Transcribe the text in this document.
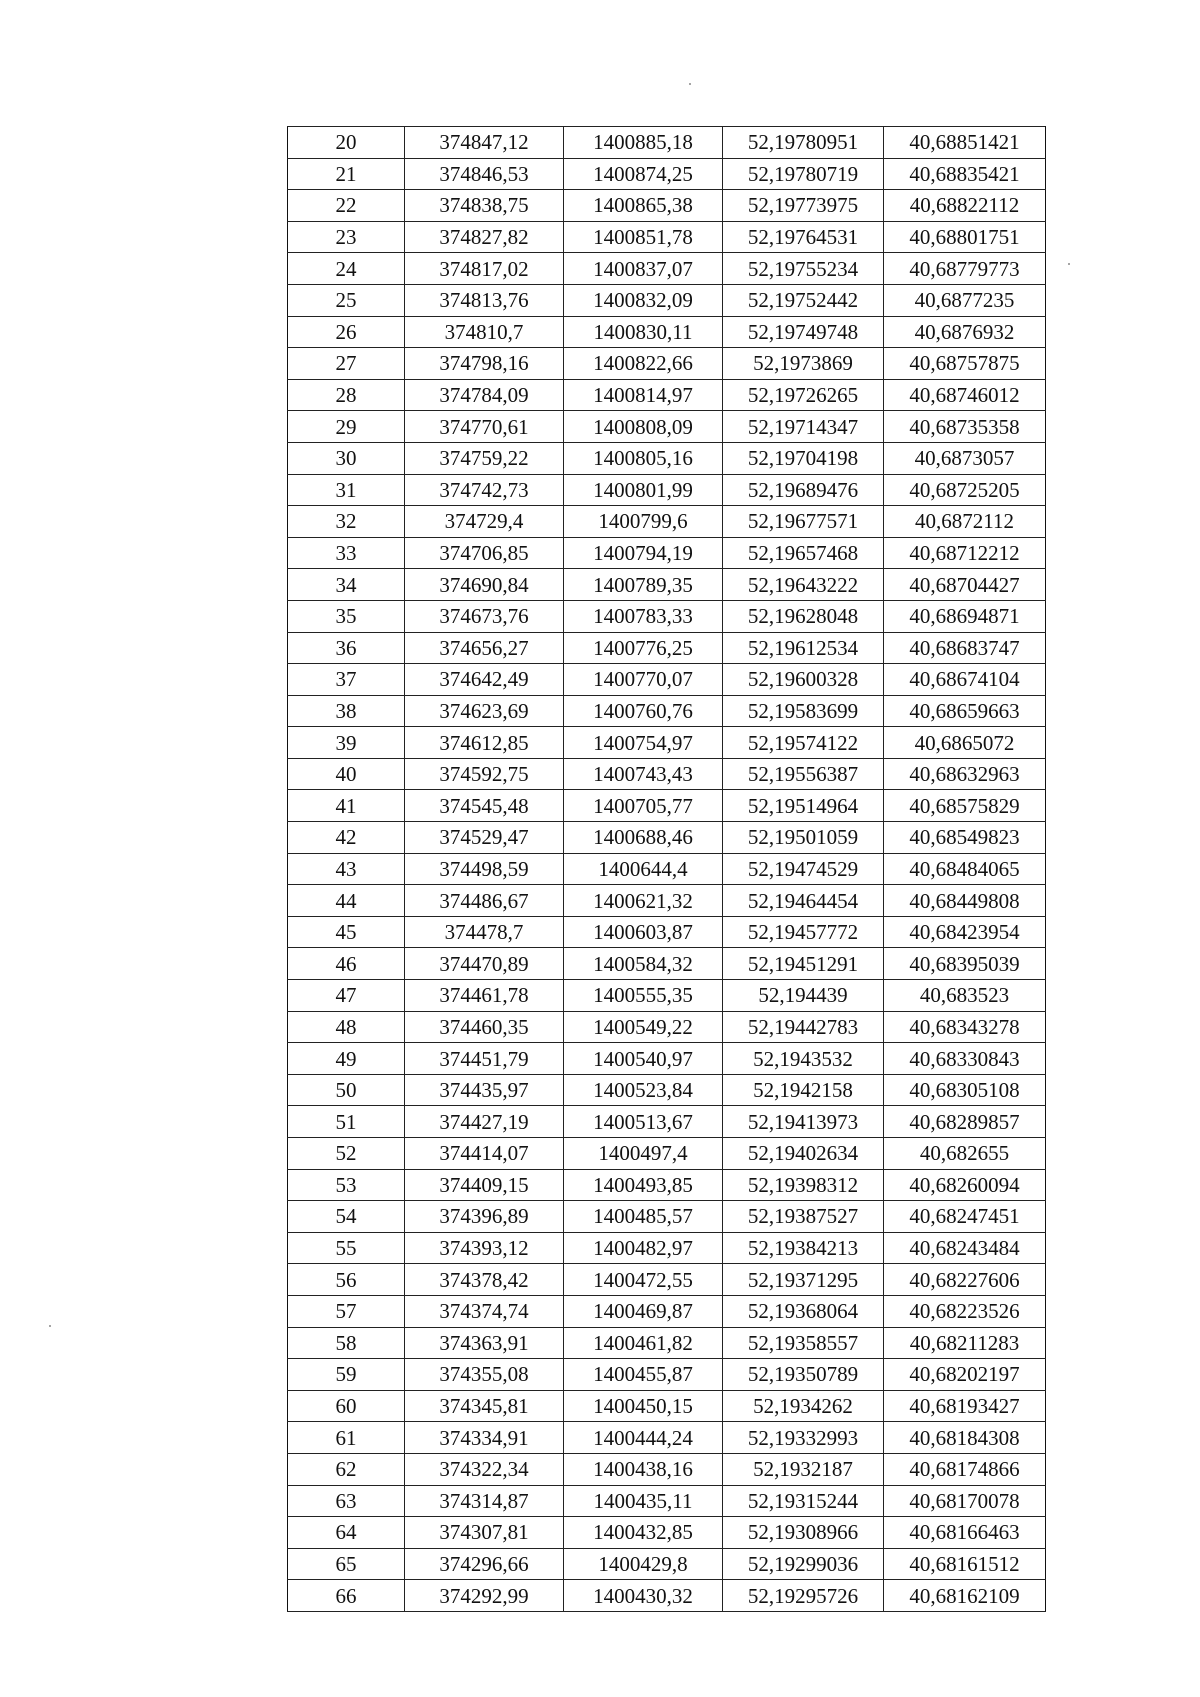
20	374847,12	1400885,18	52,19780951	40,68851421
21	374846,53	1400874,25	52,19780719	40,68835421
22	374838,75	1400865,38	52,19773975	40,68822112
23	374827,82	1400851,78	52,19764531	40,68801751
24	374817,02	1400837,07	52,19755234	40,68779773
25	374813,76	1400832,09	52,19752442	40,6877235
26	374810,7	1400830,11	52,19749748	40,6876932
27	374798,16	1400822,66	52,1973869	40,68757875
28	374784,09	1400814,97	52,19726265	40,68746012
29	374770,61	1400808,09	52,19714347	40,68735358
30	374759,22	1400805,16	52,19704198	40,6873057
31	374742,73	1400801,99	52,19689476	40,68725205
32	374729,4	1400799,6	52,19677571	40,6872112
33	374706,85	1400794,19	52,19657468	40,68712212
34	374690,84	1400789,35	52,19643222	40,68704427
35	374673,76	1400783,33	52,19628048	40,68694871
36	374656,27	1400776,25	52,19612534	40,68683747
37	374642,49	1400770,07	52,19600328	40,68674104
38	374623,69	1400760,76	52,19583699	40,68659663
39	374612,85	1400754,97	52,19574122	40,6865072
40	374592,75	1400743,43	52,19556387	40,68632963
41	374545,48	1400705,77	52,19514964	40,68575829
42	374529,47	1400688,46	52,19501059	40,68549823
43	374498,59	1400644,4	52,19474529	40,68484065
44	374486,67	1400621,32	52,19464454	40,68449808
45	374478,7	1400603,87	52,19457772	40,68423954
46	374470,89	1400584,32	52,19451291	40,68395039
47	374461,78	1400555,35	52,194439	40,683523
48	374460,35	1400549,22	52,19442783	40,68343278
49	374451,79	1400540,97	52,1943532	40,68330843
50	374435,97	1400523,84	52,1942158	40,68305108
51	374427,19	1400513,67	52,19413973	40,68289857
52	374414,07	1400497,4	52,19402634	40,682655
53	374409,15	1400493,85	52,19398312	40,68260094
54	374396,89	1400485,57	52,19387527	40,68247451
55	374393,12	1400482,97	52,19384213	40,68243484
56	374378,42	1400472,55	52,19371295	40,68227606
57	374374,74	1400469,87	52,19368064	40,68223526
58	374363,91	1400461,82	52,19358557	40,68211283
59	374355,08	1400455,87	52,19350789	40,68202197
60	374345,81	1400450,15	52,1934262	40,68193427
61	374334,91	1400444,24	52,19332993	40,68184308
62	374322,34	1400438,16	52,1932187	40,68174866
63	374314,87	1400435,11	52,19315244	40,68170078
64	374307,81	1400432,85	52,19308966	40,68166463
65	374296,66	1400429,8	52,19299036	40,68161512
66	374292,99	1400430,32	52,19295726	40,68162109
